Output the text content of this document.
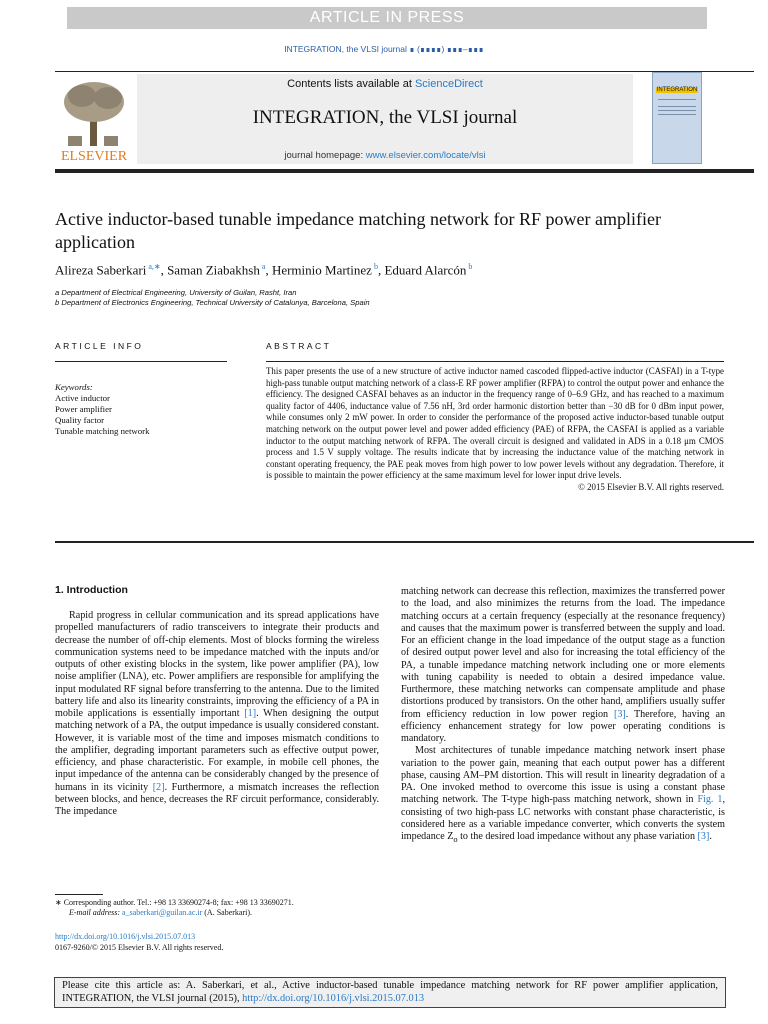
ARTICLE IN PRESS
INTEGRATION, the VLSI journal ∎ (∎∎∎∎) ∎∎∎–∎∎∎
ELSEVIER
Contents lists available at ScienceDirect
INTEGRATION, the VLSI journal
journal homepage: www.elsevier.com/locate/vlsi
INTEGRATION
Active inductor-based tunable impedance matching network for RF power amplifier application
Alireza Saberkari $^{a,∗}$, Saman Ziabakhsh $^a$, Herminio Martinez $^b$, Eduard Alarcón $^b$
a Department of Electrical Engineering, University of Guilan, Rasht, Iran
b Department of Electronics Engineering, Technical University of Catalunya, Barcelona, Spain
ARTICLE INFO	ABSTRACT
Keywords:
Active inductor
Power amplifier
Quality factor
Tunable matching network
This paper presents the use of a new structure of active inductor named cascoded flipped-active inductor (CASFAI) in a T-type high-pass tunable output matching network of a class-E RF power amplifier (RFPA) to control the output power and enhance the efficiency. The designed CASFAI behaves as an inductor in the frequency range of 0–6.9 GHz, and has reached to a maximum quality factor of 4406, inductance value of 7.56 nH, 3rd order harmonic distortion better than −30 dB for 0 dBm input power, while consumes only 2 mW power. In order to consider the performance of the proposed active inductor-based tunable output matching network on the output power level and power added efficiency (PAE) of RFPA, the CASFAI is applied as a variable inductor to the output matching network of RFPA. The overall circuit is designed and validated in ADS in a 0.18 μm CMOS process and 1.5 V supply voltage. The results indicate that by increasing the inductance value of the matching network in constant operating frequency, the PAE peak moves from high power to low power levels without any degradation. Therefore, it is possible to maintain the power efficiency at the same maximum level for lower input drive levels.
© 2015 Elsevier B.V. All rights reserved.
1. Introduction

Rapid progress in cellular communication and its spread applications have propelled manufacturers of radio transceivers to integrate their products and decrease the number of off-chip elements. Most of blocks forming the wireless communication systems need to be impedance matched with the inputs and/or outputs of other existing blocks in the system, like power amplifier (PA), low noise amplifier (LNA), etc. Power amplifiers are responsible for amplifying the input modulated RF signal before transferring to the antenna. Due to the limited battery life and also its linearity constraints, improving the efficiency of a PA in mobile applications is essentially important [1]. When designing the output matching network of a PA, the output impedance is usually considered constant. However, it is variable most of the time and imposes mismatch conditions to the amplifier, degrading important parameters such as effective output power, efficiency, and phase characteristic. For example, in mobile cell phones, the input impedance of the antenna can be considerably changed by the presence of humans in its vicinity [2]. Furthermore, a mismatch increases the reflection between blocks, and hence, decreases the RF circuit performance, considerably. The impedance

matching network can decrease this reflection, maximizes the transferred power to the load, and also minimizes the returns from the load. The impedance matching occurs at a certain frequency (especially at the resonance frequency) and causes that the maximum power is transferred between the supply and load. For an efficient change in the load impedance of the output stage as a function of desired output power level and also for increasing the total efficiency of the PA, a tunable impedance matching network including one or more elements with tuning capability is needed to obtain a desired impedance value. Furthermore, these matching networks can compensate amplitude and phase distortions produced by transistors. On the other hand, amplifiers usually suffer from efficiency reduction in low power region [3]. Therefore, having an efficiency enhancement strategy for low power operating conditions is mandatory.

Most architectures of tunable impedance matching network insert phase variation to the power gain, meaning that each output power has a different phase, causing AM–PM distortion. This will result in linearity degradation of a PA. One invoked method to overcome this issue is using a constant phase matching network. The T-type high-pass matching network, shown in Fig. 1, consisting of two high-pass LC networks with constant phase characteristic, is considered here as a variable impedance converter, which converts the system impedance $Z_o$ to the desired load impedance without any phase variation [3].

∗ Corresponding author. Tel.: +98 13 33690274-8; fax: +98 13 33690271.
E-mail address: a_saberkari@guilan.ac.ir (A. Saberkari).
http://dx.doi.org/10.1016/j.vlsi.2015.07.013
0167-9260/© 2015 Elsevier B.V. All rights reserved.
Please cite this article as: A. Saberkari, et al., Active inductor-based tunable impedance matching network for RF power amplifier application, INTEGRATION, the VLSI journal (2015), http://dx.doi.org/10.1016/j.vlsi.2015.07.013
